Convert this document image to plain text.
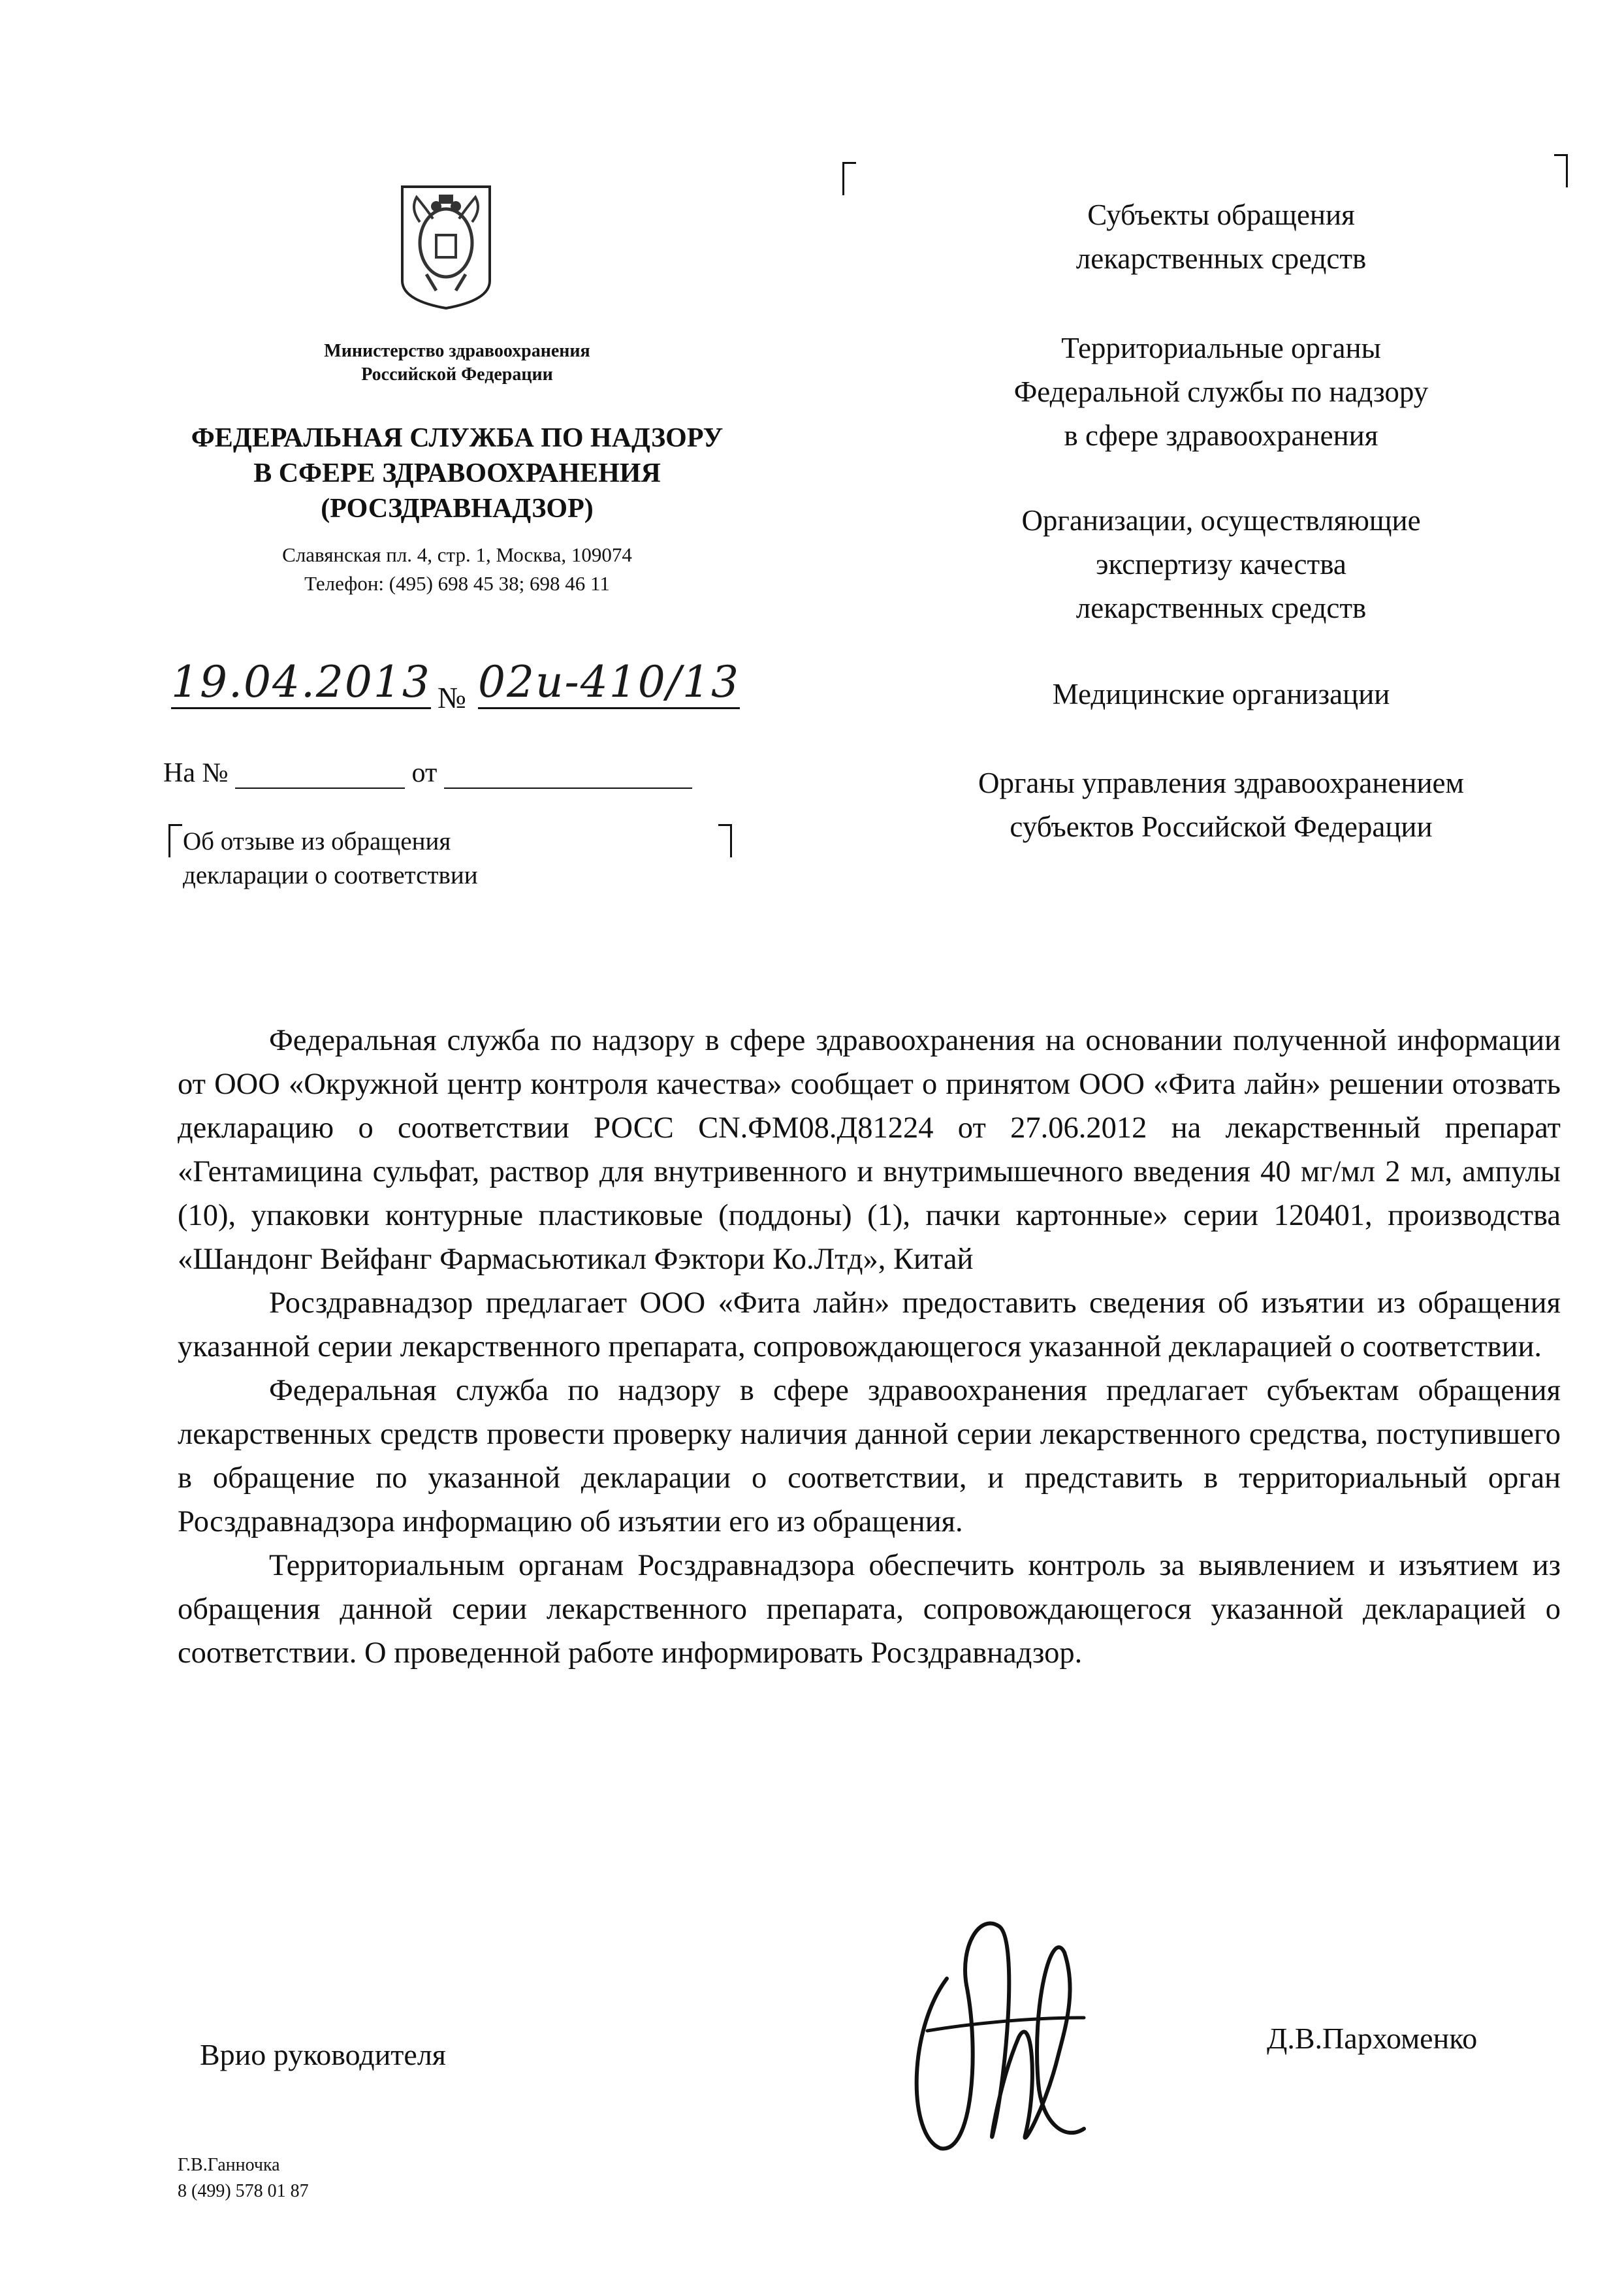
Министерство здравоохранения
Российской Федерации
ФЕДЕРАЛЬНАЯ СЛУЖБА ПО НАДЗОРУ
В СФЕРЕ ЗДРАВООХРАНЕНИЯ
(РОСЗДРАВНАДЗОР)
Славянская пл. 4, стр. 1, Москва, 109074
Телефон: (495) 698 45 38; 698 46 11
19.04.2013 № 02и-410/13
На №	от
Об отзыве из обращения
декларации о соответствии
Субъекты обращения
лекарственных средств
Территориальные органы
Федеральной службы по надзору
в сфере здравоохранения
Организации, осуществляющие
экспертизу качества
лекарственных средств
Медицинские организации
Органы управления здравоохранением
субъектов Российской Федерации

Федеральная служба по надзору в сфере здравоохранения на основании полученной информации от ООО «Окружной центр контроля качества» сообщает о принятом ООО «Фита лайн» решении отозвать декларацию о соответствии РОСС CN.ФМ08.Д81224 от 27.06.2012 на лекарственный препарат «Гентамицина сульфат, раствор для внутривенного и внутримышечного введения 40 мг/мл 2 мл, ампулы (10), упаковки контурные пластиковые (поддоны) (1), пачки картонные» серии 120401, производства «Шандонг Вейфанг Фармасьютикал Фэктори Ко.Лтд», Китай

Росздравнадзор предлагает ООО «Фита лайн» предоставить сведения об изъятии из обращения указанной серии лекарственного препарата, сопровождающегося указанной декларацией о соответствии.

Федеральная служба по надзору в сфере здравоохранения предлагает субъектам обращения лекарственных средств провести проверку наличия данной серии лекарственного средства, поступившего в обращение по указанной декларации о соответствии, и представить в территориальный орган Росздравнадзора информацию об изъятии его из обращения.

Территориальным органам Росздравнадзора обеспечить контроль за выявлением и изъятием из обращения данной серии лекарственного препарата, сопровождающегося указанной декларацией о соответствии. О проведенной работе информировать Росздравнадзор.

Врио руководителя	Д.В.Пархоменко
Г.В.Ганночка
8 (499) 578 01 87
